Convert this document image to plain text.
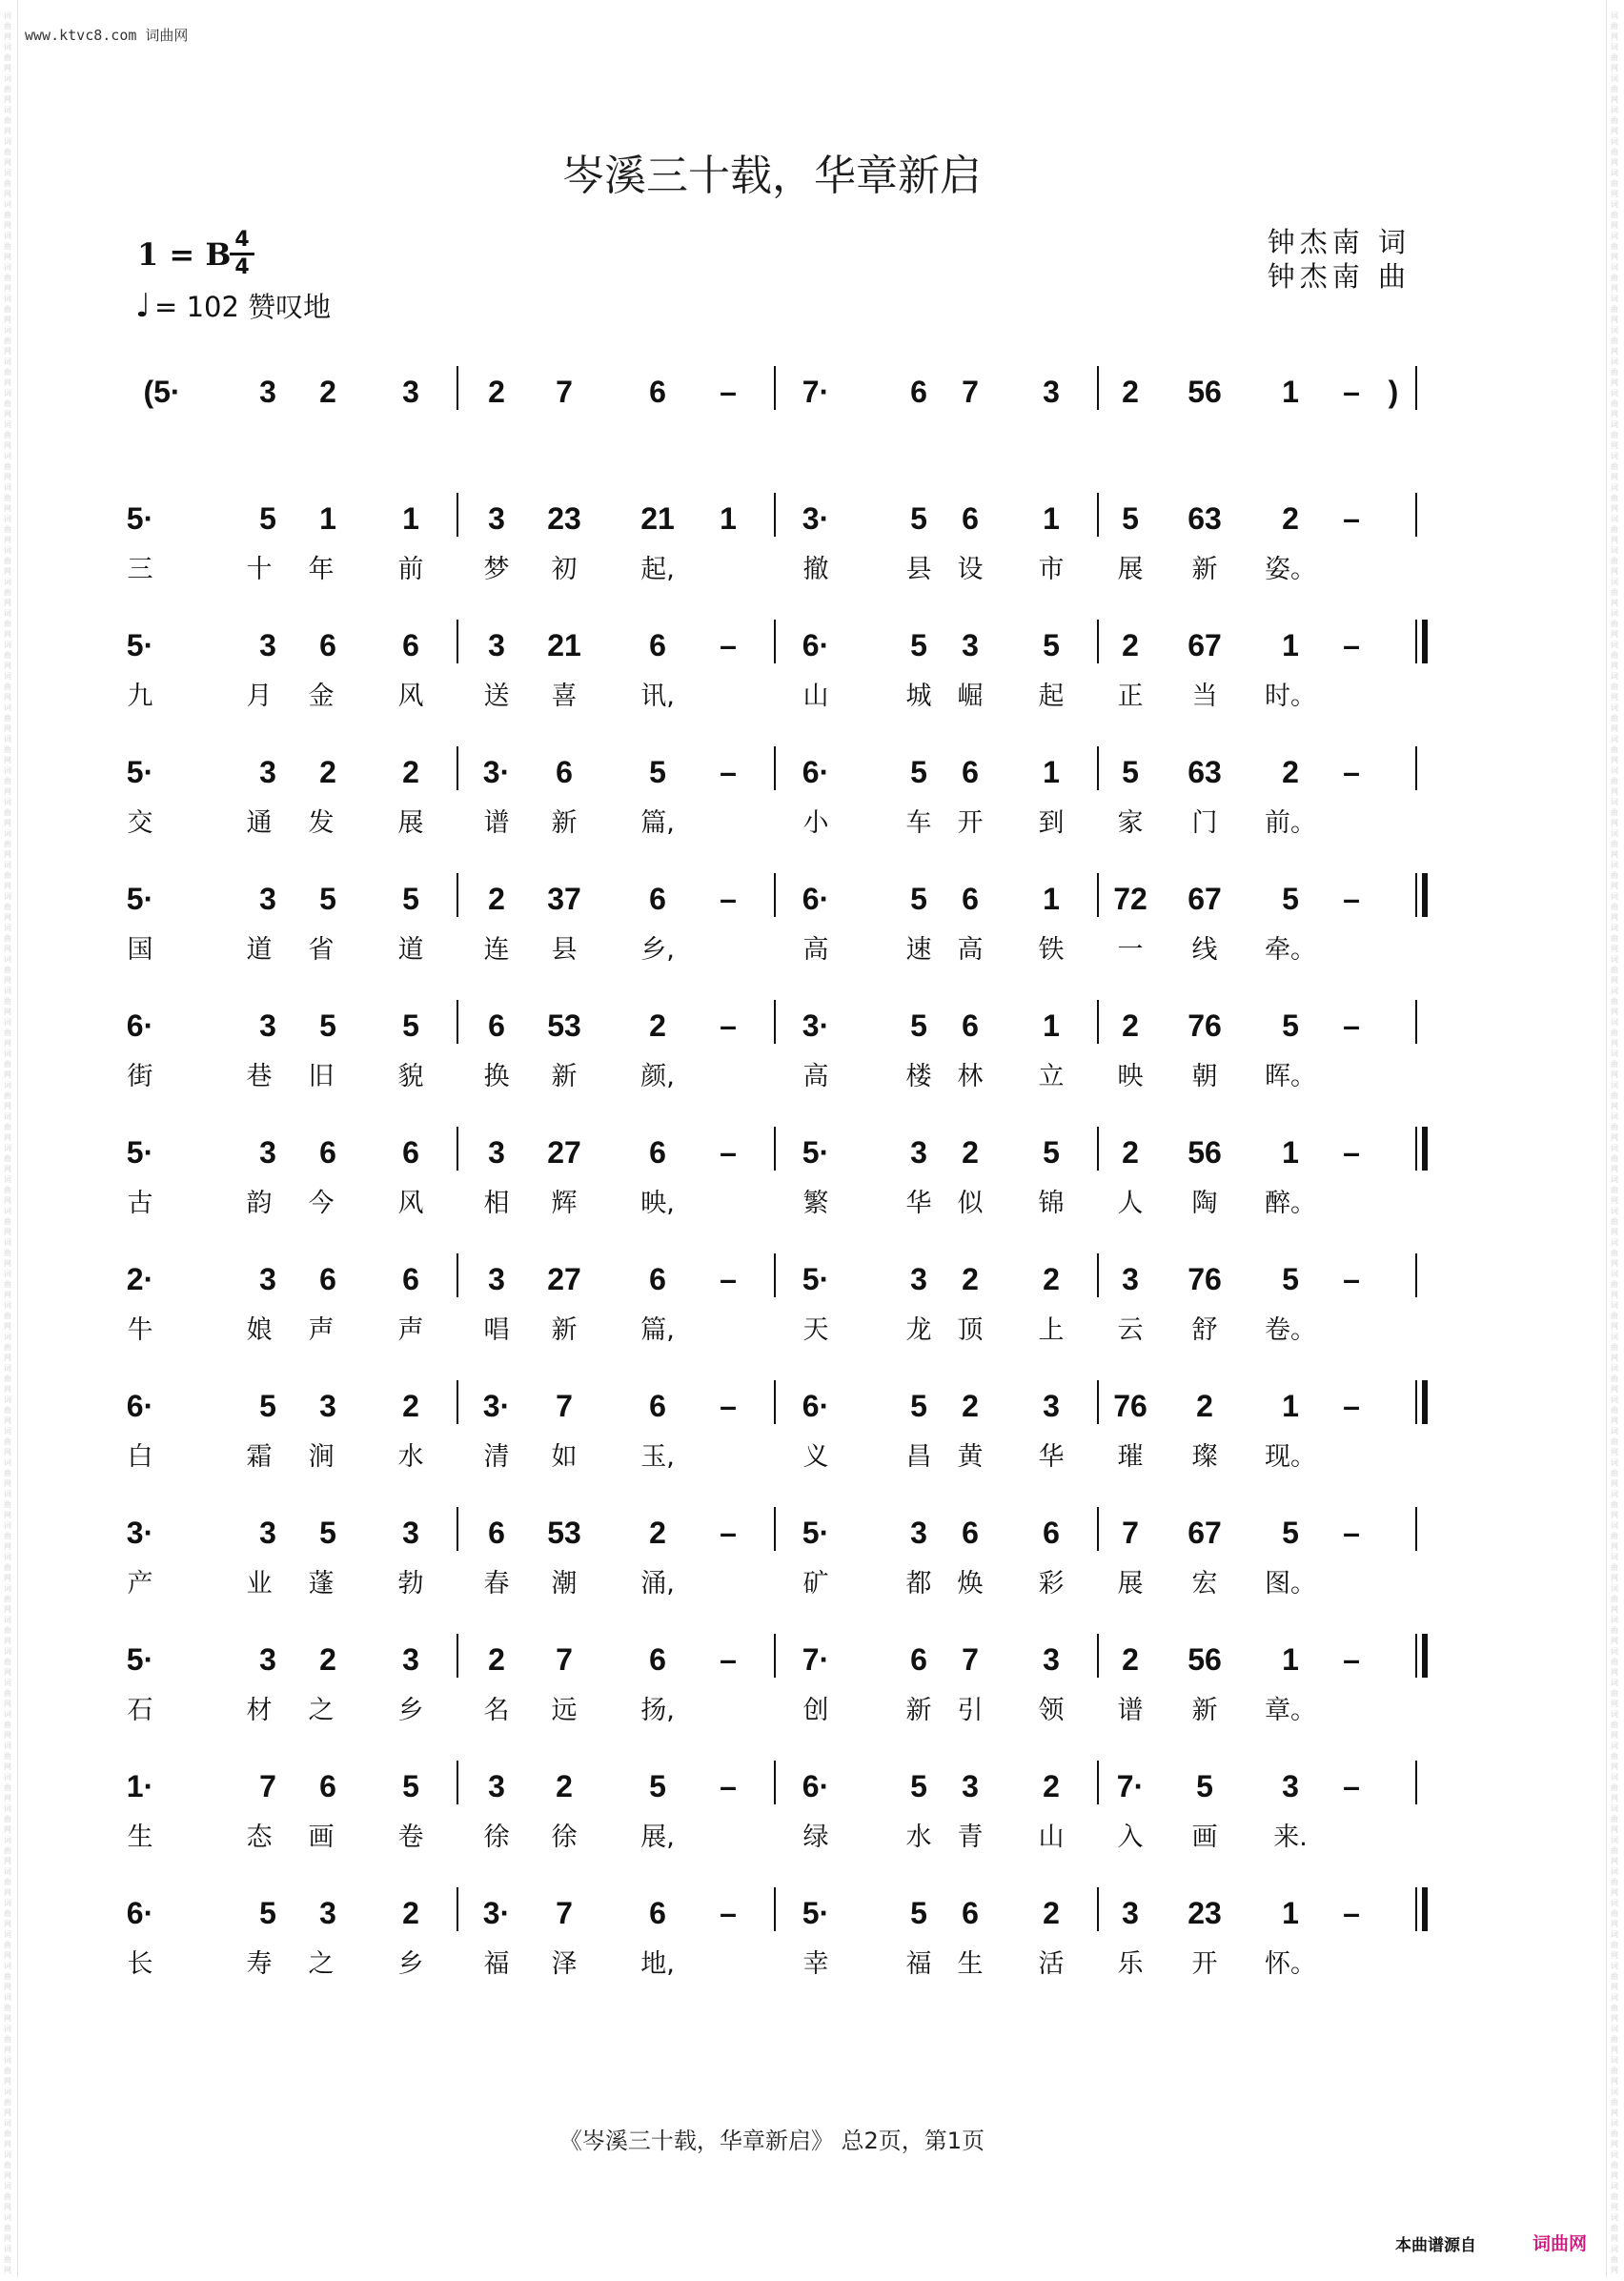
词
曲
网
词
曲
网
词
曲
网
词
曲
网
词
曲
网
词
曲
网
词
曲
网
词
曲
网
词
曲
网
词
曲
网
词
曲
网
词
曲
网
词
曲
网
词
曲
网
词
曲
网
词
曲
网
词
曲
网
词
曲
网
词
曲
网
词
曲
网
词
曲
网
词
曲
网
词
曲
网
词
曲
网
词
曲
网
词
曲
网
词
曲
网
词
曲
网
词
曲
网
词
曲
网
词
曲
网
词
曲
网
词
曲
网
词
曲
网
词
曲
网
词
曲
网
词
曲
网
词
曲
网
词
曲
网
词
曲
网
词
曲
网
词
曲
网
词
曲
网
词
曲
网
词
曲
网
词
曲
网
词
曲
网
词
曲
网
词
曲
网
词
曲
网
词
曲
网
词
曲
网
词
曲
网
词
曲
网
词
曲
网
词
曲
网
词
曲
网
词
曲
网
词
曲
网
词
曲
网
词
曲
网
词
曲
网
词
曲
网
词
曲
网
词
曲
网
词
曲
网
词
曲
网
词
曲
网
词
曲
网
词
曲
网
词
曲
网
词
曲
网
词
曲
网
词
曲
网
词
曲
网
词
曲
网
词
曲
网
词
曲
网
词
曲
网
词
曲
网
词
曲
网
词
曲
网
词
曲
网
词
曲
网
词
曲
网
词
曲
网
词
曲
网
词
曲
网
词
曲
网
词
曲
网
词
曲
网
词
曲
网
词
曲
网
词
曲
网
词
曲
网
词
曲
网
词
曲
网
词
曲
网
词
曲
网
词
曲
网
词
曲
网
词
曲
网
词
曲
网
词
曲
网
词
曲
网
词
曲
网
词
曲
网
词
曲
网
词
曲
网
词
曲
网
词
曲
网
词
曲
网
词
曲
网
词
曲
网
词
曲
网
词
曲
网
词
曲
网
词
曲
网
词
曲
网
词
曲
网
词
曲
网
词
曲
网
词
曲
网
词
曲
网
词
曲
网
词
曲
网
词
曲
网
词
曲
网
词
曲
网
词
曲
网
词
曲
网
词
曲
网
词
曲
网
词
曲
网
词
曲
网
词
曲
网
词
曲
网
词
曲
网
词
曲
网
词
曲
网
词
曲
网
词
曲
网
词
曲
网
词
曲
网
www.ktvc8.com 词曲网
岑溪三十载，华章新启
1 = B 4
4
♩ = 102 赞叹地
钟杰南 词
钟杰南 曲
(5·	3 2 3 2 7	6 – 7·	6 7 3 2 56 1 – )
5·	5 1 1 3 23 21 1 3·	5 6 1 5 63 2 –
三	十 年 前 梦 初 起,	撤	县 设 市 展 新 姿。
5·	3 6 6 3 21 6 – 6·	5 3 5 2 67 1 –
九	月 金 风 送 喜 讯,	山	城 崛 起 正 当 时。
5·	3 2 2 3· 6	5 – 6·	5 6 1 5 63 2 –
交	通 发 展 谱 新 篇,	小	车 开 到 家 门 前。
5·	3 5 5 2 37 6 – 6·	5 6 1 72 67 5 –
国	道 省 道 连 县 乡,	高	速 高 铁 一 线 牵。
6·	3 5 5 6 53 2 – 3·	5 6 1 2 76 5 –
街	巷 旧 貌 换 新 颜,	高	楼 林 立 映 朝 晖。
5·	3 6 6 3 27 6 – 5·	3 2 5 2 56 1 –
古	韵 今 风 相 辉 映,	繁	华 似 锦 人 陶 醉。
2·	3 6 6 3 27 6 – 5·	3 2 2 3 76 5 –
牛	娘 声 声 唱 新 篇,	天	龙 顶 上 云 舒 卷。
6·	5 3 2 3· 7	6 – 6·	5 2 3 76 2 1 –
白	霜 涧 水 清 如 玉,	义	昌 黄 华 璀 璨 现。
3·	3 5 3 6 53 2 – 5·	3 6 6 7 67 5 –
产	业 蓬 勃 春 潮 涌,	矿	都 焕 彩 展 宏 图。
5·	3 2 3 2 7	6 – 7·	6 7 3 2 56 1 –
石	材 之 乡 名 远 扬,	创	新 引 领 谱 新 章。
1·	7 6 5 3 2	5 – 6·	5 3 2 7· 5 3 –
生	态 画 卷 徐 徐 展,	绿	水 青 山 入 画 来.
6·	5 3 2 3· 7	6 – 5·	5 6 2 3 23 1 –
长	寿 之 乡 福 泽 地,	幸	福 生 活 乐 开 怀。
《岑溪三十载，华章新启》 总2页，第1页
本曲谱源自	词曲网
